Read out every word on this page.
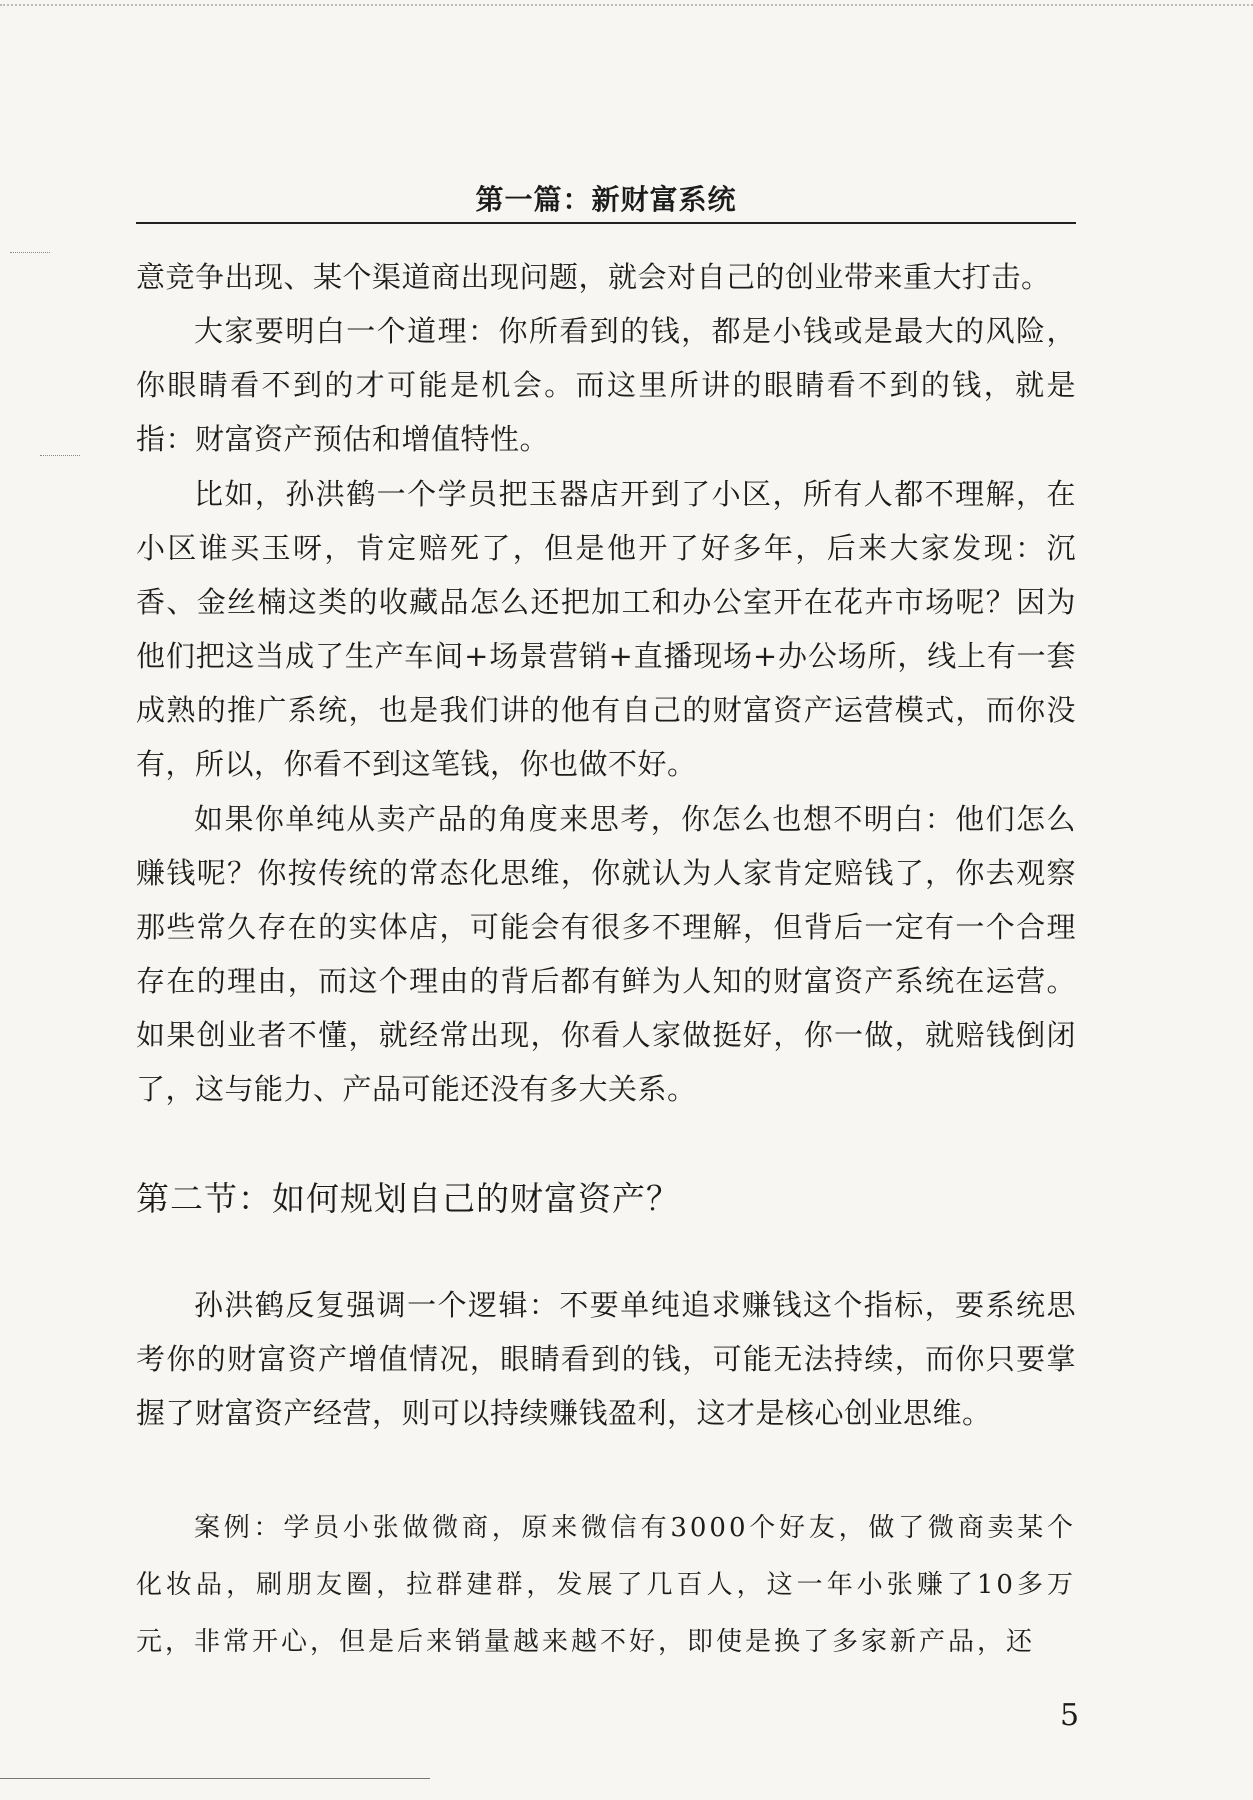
第一篇：新财富系统

意竞争出现、某个渠道商出现问题，就会对自己的创业带来重大打击。

大家要明白一个道理：你所看到的钱，都是小钱或是最大的风险，你眼睛看不到的才可能是机会。而这里所讲的眼睛看不到的钱，就是指：财富资产预估和增值特性。

比如，孙洪鹤一个学员把玉器店开到了小区，所有人都不理解，在小区谁买玉呀，肯定赔死了，但是他开了好多年，后来大家发现：沉香、金丝楠这类的收藏品怎么还把加工和办公室开在花卉市场呢？因为他们把这当成了生产车间+场景营销+直播现场+办公场所，线上有一套成熟的推广系统，也是我们讲的他有自己的财富资产运营模式，而你没有，所以，你看不到这笔钱，你也做不好。

如果你单纯从卖产品的角度来思考，你怎么也想不明白：他们怎么赚钱呢？你按传统的常态化思维，你就认为人家肯定赔钱了，你去观察那些常久存在的实体店，可能会有很多不理解，但背后一定有一个合理存在的理由，而这个理由的背后都有鲜为人知的财富资产系统在运营。如果创业者不懂，就经常出现，你看人家做挺好，你一做，就赔钱倒闭了，这与能力、产品可能还没有多大关系。

第二节：如何规划自己的财富资产？

孙洪鹤反复强调一个逻辑：不要单纯追求赚钱这个指标，要系统思考你的财富资产增值情况，眼睛看到的钱，可能无法持续，而你只要掌握了财富资产经营，则可以持续赚钱盈利，这才是核心创业思维。

案例：学员小张做微商，原来微信有3000个好友，做了微商卖某个化妆品，刷朋友圈，拉群建群，发展了几百人，这一年小张赚了10多万元，非常开心，但是后来销量越来越不好，即使是换了多家新产品，还

5
